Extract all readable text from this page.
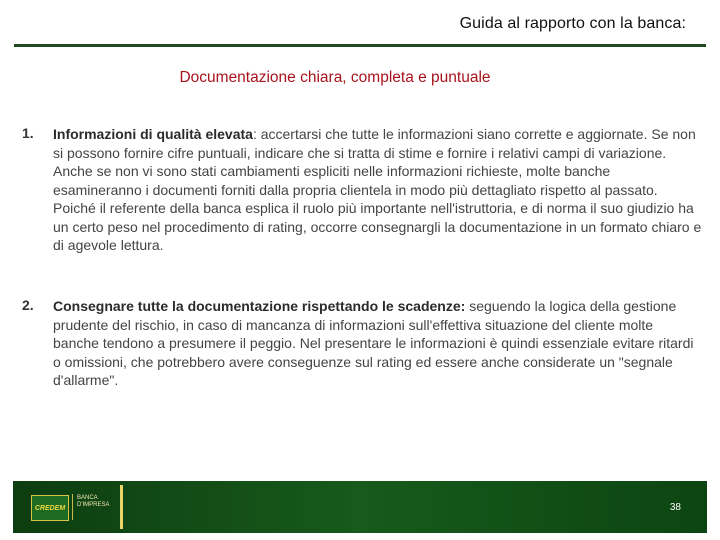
Guida al rapporto con la banca:
Documentazione chiara, completa e puntuale
1. Informazioni di qualità elevata: accertarsi che tutte le informazioni siano corrette e aggiornate. Se non si possono fornire cifre puntuali, indicare che si tratta di stime e fornire i relativi campi di variazione. Anche se non vi sono stati cambiamenti espliciti nelle informazioni richieste, molte banche esamineranno i documenti forniti dalla propria clientela in modo più dettagliato rispetto al passato. Poiché il referente della banca esplica il ruolo più importante nell'istruttoria, e di norma il suo giudizio ha un certo peso nel procedimento di rating, occorre consegnargli la documentazione in un formato chiaro e di agevole lettura.
2. Consegnare tutte la documentazione rispettando le scadenze: seguendo la logica della gestione prudente del rischio, in caso di mancanza di informazioni sull'effettiva situazione del cliente molte banche tendono a presumere il peggio. Nel presentare le informazioni è quindi essenziale evitare ritardi o omissioni, che potrebbero avere conseguenze sul rating ed essere anche considerate un "segnale d'allarme".
CREDEM
BANCA D'IMPRESA	38
